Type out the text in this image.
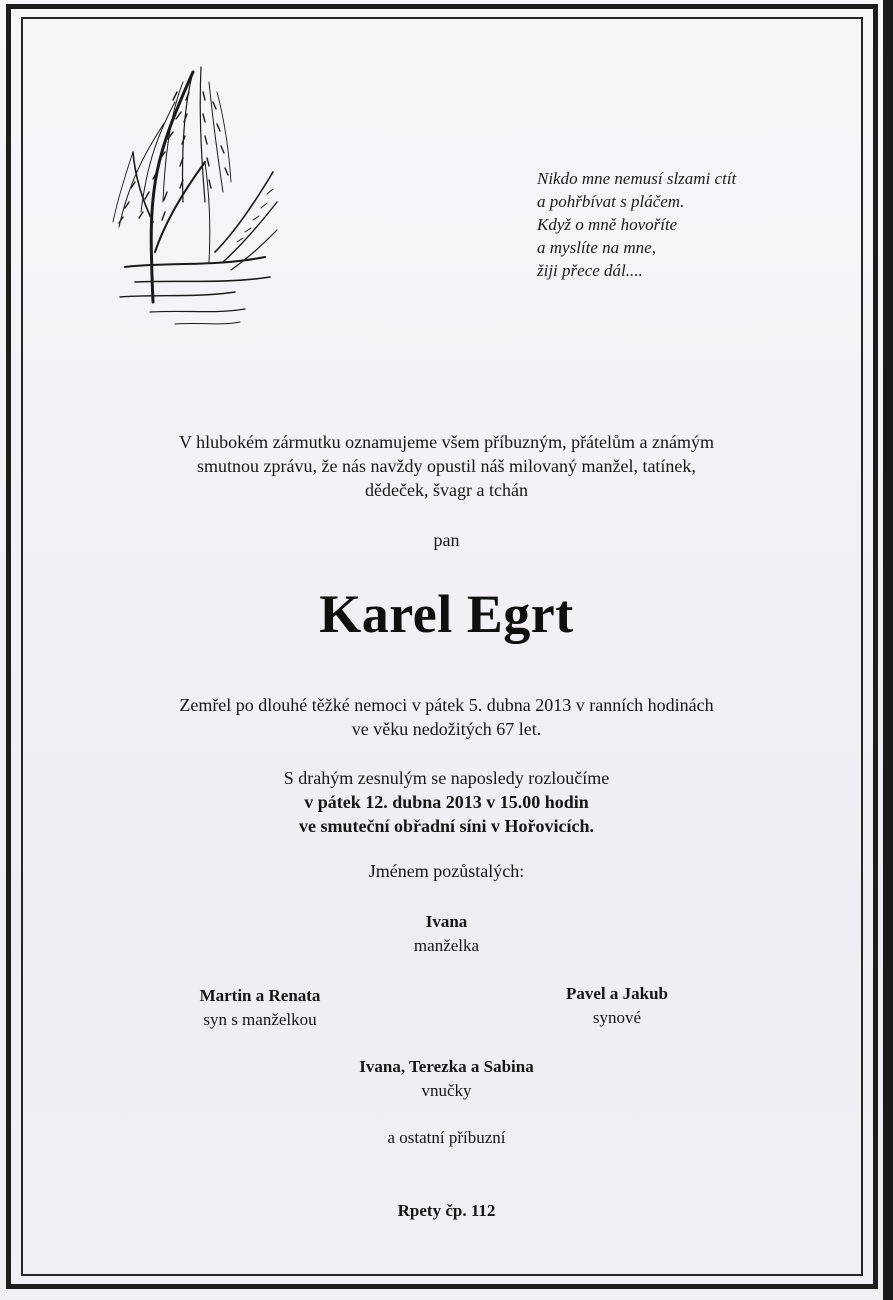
Nikdo mne nemusí slzami ctít
a pohřbívat s pláčem.
Když o mně hovoříte
a myslíte na mne,
žiji přece dál....
V hlubokém zármutku oznamujeme všem příbuzným, přátelům a známým
smutnou zprávu, že nás navždy opustil náš milovaný manžel, tatínek,
dědeček, švagr a tchán
pan
Karel Egrt
Zemřel po dlouhé těžké nemoci v pátek 5. dubna 2013 v ranních hodinách
ve věku nedožitých 67 let.
S drahým zesnulým se naposledy rozloučíme
v pátek 12. dubna 2013 v 15.00 hodin
ve smuteční obřadní síni v Hořovicích.
Jménem pozůstalých:
Ivana
manželka
Martin a Renata
syn s manželkou
Pavel a Jakub
synové
Ivana, Terezka a Sabina
vnučky
a ostatní příbuzní
Rpety čp. 112
